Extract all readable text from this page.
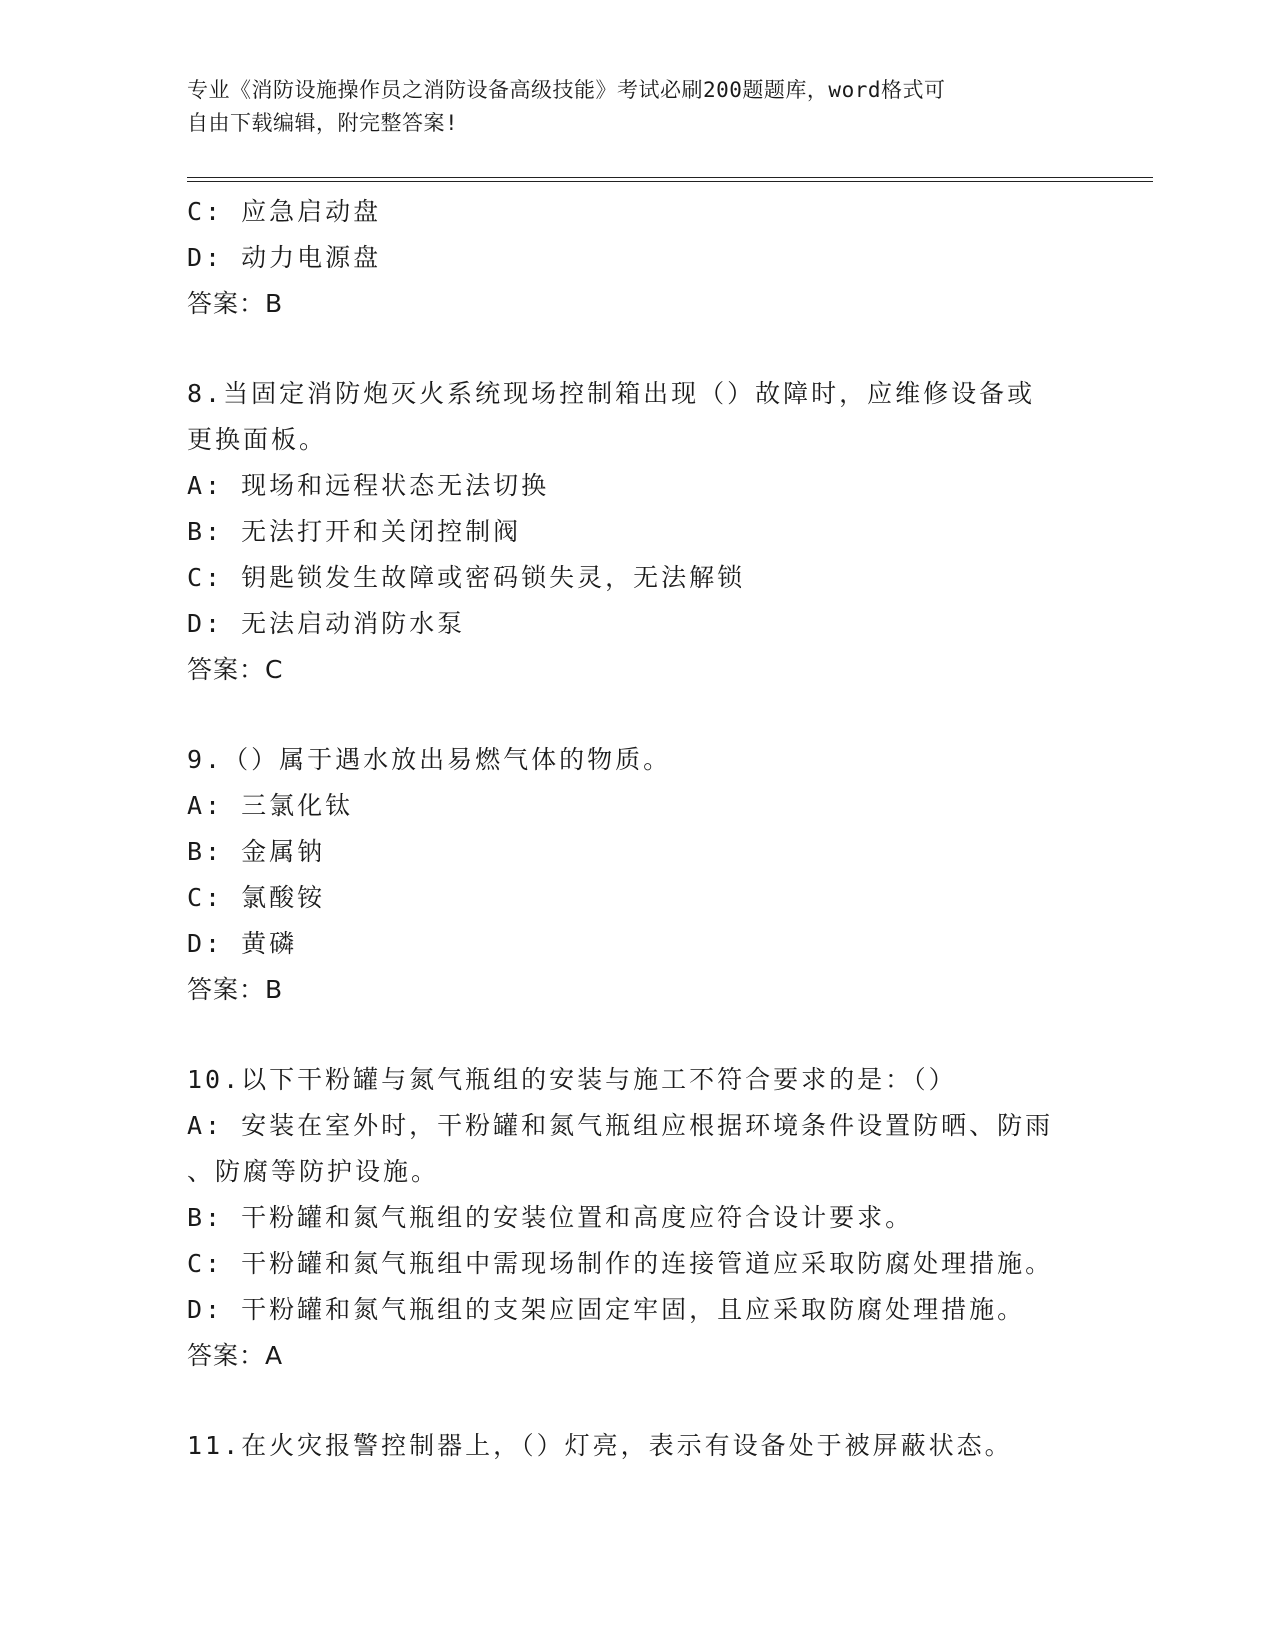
专业《消防设施操作员之消防设备高级技能》考试必刷200题题库，word格式可
自由下载编辑，附完整答案!
C: 应急启动盘
D: 动力电源盘
答案：B
8.当固定消防炮灭火系统现场控制箱出现（）故障时，应维修设备或
更换面板。
A: 现场和远程状态无法切换
B: 无法打开和关闭控制阀
C: 钥匙锁发生故障或密码锁失灵，无法解锁
D: 无法启动消防水泵
答案：C
9.（）属于遇水放出易燃气体的物质。
A: 三氯化钛
B: 金属钠
C: 氯酸铵
D: 黄磷
答案：B
10.以下干粉罐与氮气瓶组的安装与施工不符合要求的是：（）
A: 安装在室外时，干粉罐和氮气瓶组应根据环境条件设置防晒、防雨
、防腐等防护设施。
B: 干粉罐和氮气瓶组的安装位置和高度应符合设计要求。
C: 干粉罐和氮气瓶组中需现场制作的连接管道应采取防腐处理措施。
D: 干粉罐和氮气瓶组的支架应固定牢固，且应采取防腐处理措施。
答案：A
11.在火灾报警控制器上，（）灯亮，表示有设备处于被屏蔽状态。
